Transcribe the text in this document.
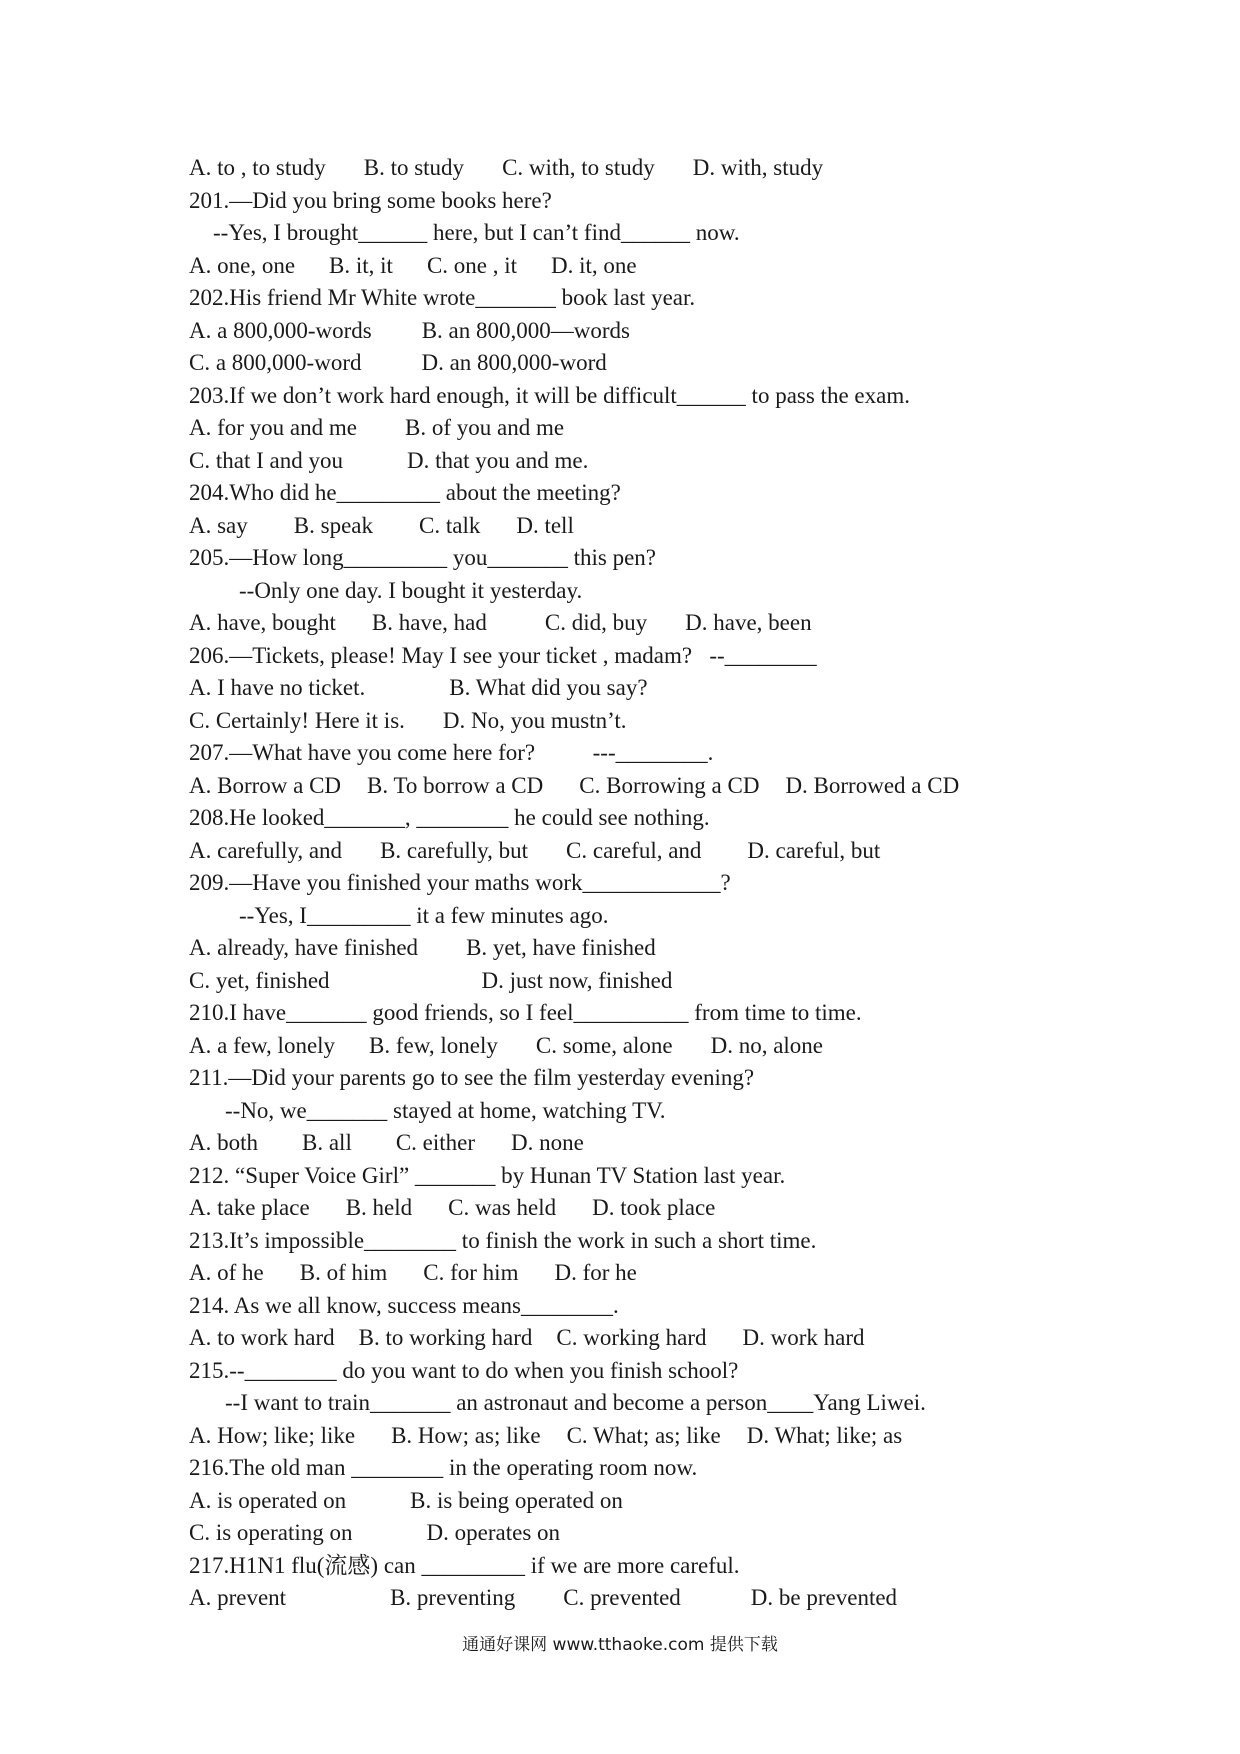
A. to , to study B. to study C. with, to study D. with, study
201.—Did you bring some books here?
--Yes, I brought______ here, but I can’t find______ now.
A. one, one B. it, it C. one , it D. it, one
202.His friend Mr White wrote_______ book last year.
A. a 800,000-words B. an 800,000—words
C. a 800,000-word	D. an 800,000-word
203.If we don’t work hard enough, it will be difficult______ to pass the exam.
A. for you and me B. of you and me
C. that I and you	D. that you and me.
204.Who did he_________ about the meeting?
A. say B. speak C. talk D. tell
205.—How long_________ you_______ this pen?
--Only one day. I bought it yesterday.
A. have, bought B. have, had	C. did, buy D. have, been
206.—Tickets, please! May I see your ticket , madam?   --________
A. I have no ticket.	B. What did you say?
C. Certainly! Here it is. D. No, you mustn’t.
207.—What have you come here for?          ---________.
A. Borrow a CD B. To borrow a CD C. Borrowing a CD D. Borrowed a CD
208.He looked_______, ________ he could see nothing.
A. carefully, and B. carefully, but C. careful, and D. careful, but
209.—Have you finished your maths work____________?
--Yes, I_________ it a few minutes ago.
A. already, have finished B. yet, have finished
C. yet, finished	D. just now, finished
210.I have_______ good friends, so I feel__________ from time to time.
A. a few, lonely B. few, lonely C. some, alone D. no, alone
211.—Did your parents go to see the film yesterday evening?
--No, we_______ stayed at home, watching TV.
A. both B. all C. either D. none
212. “Super Voice Girl” _______ by Hunan TV Station last year.
A. take place B. held C. was held D. took place
213.It’s impossible________ to finish the work in such a short time.
A. of he B. of him C. for him D. for he
214. As we all know, success means________.
A. to work hard B. to working hard C. working hard D. work hard
215.--________ do you want to do when you finish school?
--I want to train_______ an astronaut and become a person____Yang Liwei.
A. How; like; like B. How; as; like C. What; as; like D. What; like; as
216.The old man ________ in the operating room now.
A. is operated on	B. is being operated on
C. is operating on	D. operates on
217.H1N1 flu(流感) can _________ if we are more careful.
A. prevent	B. preventing C. prevented	D. be prevented
通通好课网 www.tthaoke.com 提供下载
